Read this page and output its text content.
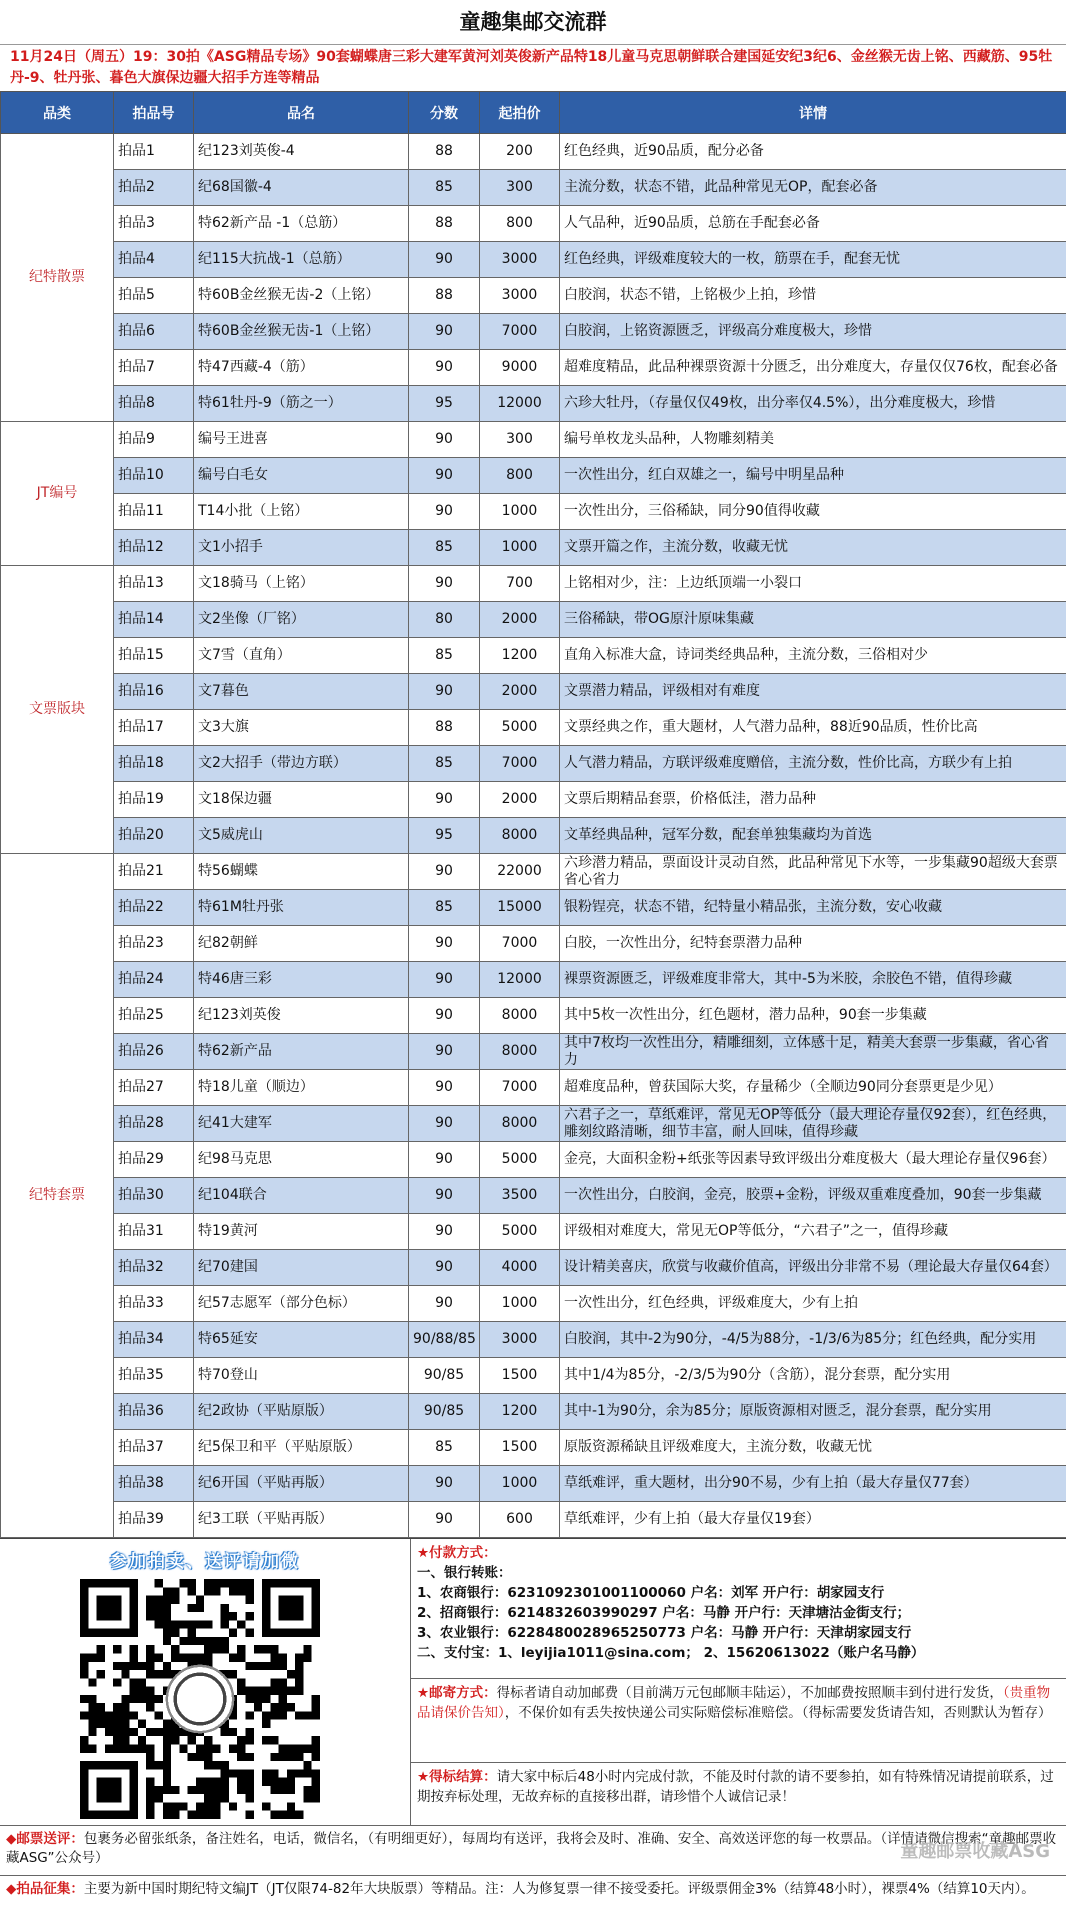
童趣集邮交流群
11月24日（周五）19：30拍《ASG精品专场》90套蝴蝶唐三彩大建军黄河刘英俊新产品特18儿童马克思朝鲜联合建国延安纪3纪6、金丝猴无齿上铭、西藏筋、95牡丹-9、牡丹张、暮色大旗保边疆大招手方连等精品
品类	拍品号	品名	分数	起拍价	详情
纪特散票	拍品1	纪123刘英俊-4	88	200	红色经典，近90品质，配分必备
	拍品2	纪68国徽-4	85	300	主流分数，状态不错，此品种常见无OP，配套必备
	拍品3	特62新产品 -1（总筋）	88	800	人气品种，近90品质，总筋在手配套必备
	拍品4	纪115大抗战-1（总筋）	90	3000	红色经典，评级难度较大的一枚，筋票在手，配套无忧
	拍品5	特60B金丝猴无齿-2（上铭）	88	3000	白胶润，状态不错，上铭极少上拍，珍惜
	拍品6	特60B金丝猴无齿-1（上铭）	90	7000	白胶润，上铭资源匮乏，评级高分难度极大，珍惜
	拍品7	特47西藏-4（筋）	90	9000	超难度精品，此品种裸票资源十分匮乏，出分难度大，存量仅仅76枚，配套必备
	拍品8	特61牡丹-9（筋之一）	95	12000	六珍大牡丹，（存量仅仅49枚，出分率仅4.5%），出分难度极大，珍惜
JT编号	拍品9	编号王进喜	90	300	编号单枚龙头品种，人物雕刻精美
	拍品10	编号白毛女	90	800	一次性出分，红白双雄之一，编号中明星品种
	拍品11	T14小批（上铭）	90	1000	一次性出分，三俗稀缺，同分90值得收藏
	拍品12	文1小招手	85	1000	文票开篇之作，主流分数，收藏无忧
文票版块	拍品13	文18骑马（上铭）	90	700	上铭相对少，注：上边纸顶端一小裂口
	拍品14	文2坐像（厂铭）	80	2000	三俗稀缺，带OG原汁原味集藏
	拍品15	文7雪（直角）	85	1200	直角入标准大盒，诗词类经典品种，主流分数，三俗相对少
	拍品16	文7暮色	90	2000	文票潜力精品，评级相对有难度
	拍品17	文3大旗	88	5000	文票经典之作，重大题材，人气潜力品种，88近90品质，性价比高
	拍品18	文2大招手（带边方联）	85	7000	人气潜力精品，方联评级难度赠倍，主流分数，性价比高，方联少有上拍
	拍品19	文18保边疆	90	2000	文票后期精品套票，价格低洼，潜力品种
	拍品20	文5威虎山	95	8000	文革经典品种，冠军分数，配套单独集藏均为首选
纪特套票	拍品21	特56蝴蝶	90	22000	六珍潜力精品，票面设计灵动自然，此品种常见下水等，一步集藏90超级大套票省心省力
	拍品22	特61M牡丹张	85	15000	银粉锃亮，状态不错，纪特量小精品张，主流分数，安心收藏
	拍品23	纪82朝鲜	90	7000	白胶，一次性出分，纪特套票潜力品种
	拍品24	特46唐三彩	90	12000	裸票资源匮乏，评级难度非常大，其中-5为米胶，余胶色不错，值得珍藏
	拍品25	纪123刘英俊	90	8000	其中5枚一次性出分，红色题材，潜力品种，90套一步集藏
	拍品26	特62新产品	90	8000	其中7枚均一次性出分，精雕细刻，立体感十足，精美大套票一步集藏，省心省力
	拍品27	特18儿童（顺边）	90	7000	超难度品种，曾获国际大奖，存量稀少（全顺边90同分套票更是少见）
	拍品28	纪41大建军	90	8000	六君子之一，草纸难评，常见无OP等低分（最大理论存量仅92套），红色经典，雕刻纹路清晰，细节丰富，耐人回味，值得珍藏
	拍品29	纪98马克思	90	5000	金亮，大面积金粉+纸张等因素导致评级出分难度极大（最大理论存量仅96套）
	拍品30	纪104联合	90	3500	一次性出分，白胶润，金亮，胶票+金粉，评级双重难度叠加，90套一步集藏
	拍品31	特19黄河	90	5000	评级相对难度大，常见无OP等低分，“六君子”之一，值得珍藏
	拍品32	纪70建国	90	4000	设计精美喜庆，欣赏与收藏价值高，评级出分非常不易（理论最大存量仅64套）
	拍品33	纪57志愿军（部分色标）	90	1000	一次性出分，红色经典，评级难度大，少有上拍
	拍品34	特65延安	90/88/85	3000	白胶润，其中-2为90分，-4/5为88分，-1/3/6为85分；红色经典，配分实用
	拍品35	特70登山	90/85	1500	其中1/4为85分，-2/3/5为90分（含筋），混分套票，配分实用
	拍品36	纪2政协（平贴原版）	90/85	1200	其中-1为90分，余为85分；原版资源相对匮乏，混分套票，配分实用
	拍品37	纪5保卫和平（平贴原版）	85	1500	原版资源稀缺且评级难度大，主流分数，收藏无忧
	拍品38	纪6开国（平贴再版）	90	1000	草纸难评，重大题材，出分90不易，少有上拍（最大存量仅77套）
	拍品39	纪3工联（平贴再版）	90	600	草纸难评，少有上拍（最大存量仅19套）
参加拍卖、送评请加微	★付款方式：
一、银行转账：
1、农商银行：6231092301001100060 户名：刘军 开户行：胡家园支行
2、招商银行：6214832603990297 户名：马静 开户行：天津塘沽金街支行；
3、农业银行：6228480028965250773 户名：马静 开户行：天津胡家园支行
二、支付宝：1、leyijia1011@sina.com； 2、15620613022（账户名马静）
★邮寄方式：得标者请自动加邮费（目前满万元包邮顺丰陆运），不加邮费按照顺丰到付进行发货，（贵重物品请保价告知），不保价如有丢失按快递公司实际赔偿标准赔偿。（得标需要发货请告知，否则默认为暂存）
★得标结算：请大家中标后48小时内完成付款，不能及时付款的请不要参拍，如有特殊情况请提前联系，过期按弃标处理，无故弃标的直接移出群，请珍惜个人诚信记录！
◆邮票送评：包裹务必留张纸条，备注姓名，电话，微信名，（有明细更好），每周均有送评，我将会及时、准确、安全、高效送评您的每一枚票品。（详情请微信搜索“童趣邮票收藏ASG”公众号）
◆拍品征集：主要为新中国时期纪特文编JT（JT仅限74-82年大块版票）等精品。注：人为修复票一律不接受委托。评级票佣金3%（结算48小时），裸票4%（结算10天内）。
童趣邮票收藏ASG
